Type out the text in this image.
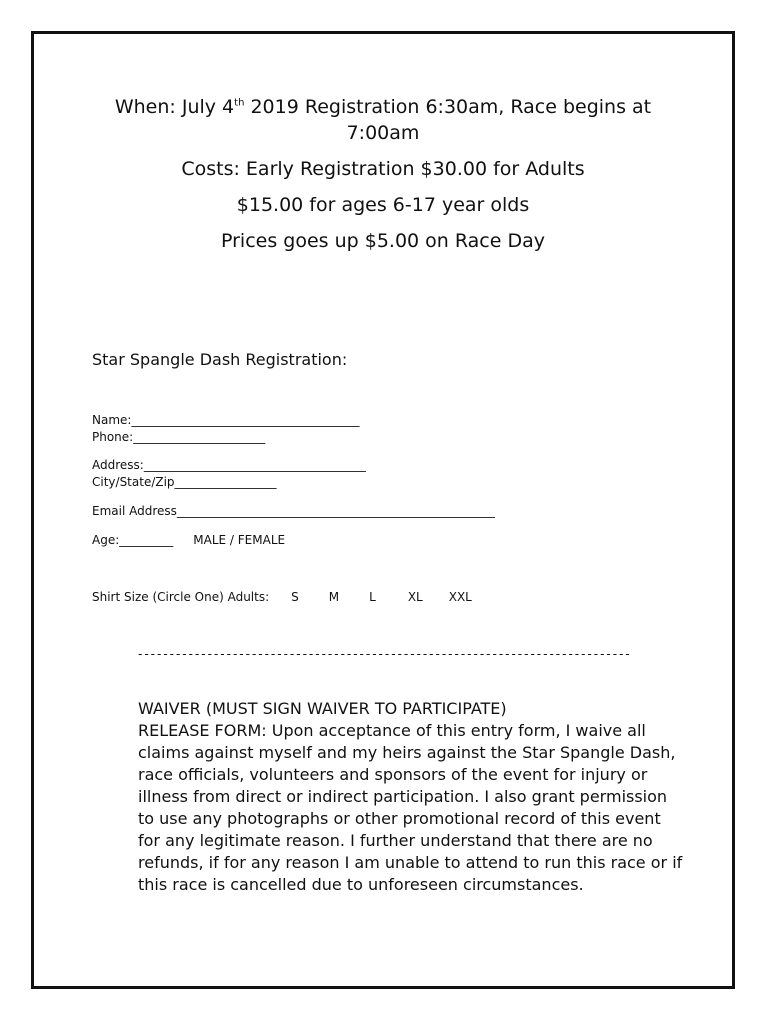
When: July 4th 2019 Registration 6:30am, Race begins at 7:00am
Costs: Early Registration $30.00 for Adults
$15.00 for ages 6-17 year olds
Prices goes up $5.00 on Race Day
Star Spangle Dash Registration:
Name:______________________________________
Phone:______________________
Address:_____________________________________
City/State/Zip_________________
Email Address_____________________________________________________
Age:_________ MALE / FEMALE
Shirt Size (Circle One) Adults: S	M	L	XL XXL
------------------------------------------------------------------------------
WAIVER (MUST SIGN WAIVER TO PARTICIPATE)
RELEASE FORM: Upon acceptance of this entry form, I waive all claims against myself and my heirs against the Star Spangle Dash, race officials, volunteers and sponsors of the event for injury or illness from direct or indirect participation. I also grant permission to use any photographs or other promotional record of this event for any legitimate reason. I further understand that there are no refunds, if for any reason I am unable to attend to run this race or if this race is cancelled due to unforeseen circumstances.
